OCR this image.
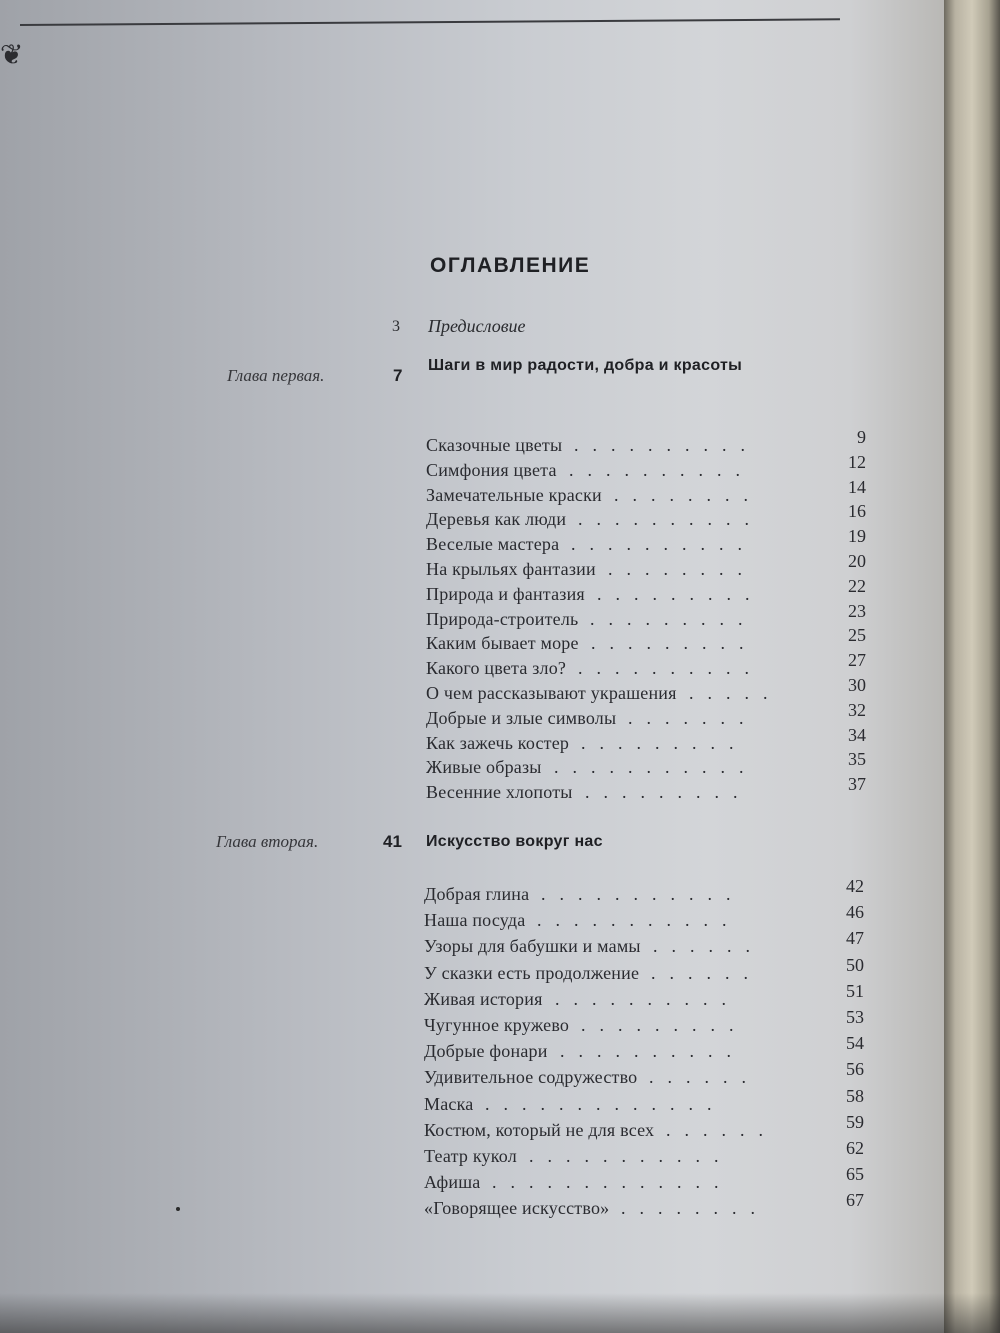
❦
ОГЛАВЛЕНИЕ
3 Предисловие
Глава первая.	7
Шаги в мир радости, добра и красоты
Сказочные цветы ..........	9
Симфония цвета ..........	12
Замечательные краски ........	14
Деревья как люди ..........	16
Веселые мастера ..........	19
На крыльях фантазии ........	20
Природа и фантазия .........	22
Природа-строитель .........	23
Каким бывает море .........	25
Какого цвета зло? ..........	27
О чем рассказывают украшения .....	30
Добрые и злые символы .......	32
Как зажечь костер .........	34
Живые образы ...........	35
Весенние хлопоты .........	37
Глава вторая.	41 Искусство вокруг нас
Добрая глина ...........	42
Наша посуда ...........	46
Узоры для бабушки и мамы ......	47
У сказки есть продолжение ......	50
Живая история ..........	51
Чугунное кружево .........	53
Добрые фонари ..........	54
Удивительное содружество ......	56
Маска .............	58
Костюм, который не для всех ......	59
Театр кукол ...........	62
Афиша .............	65
«Говорящее искусство» ........	67
